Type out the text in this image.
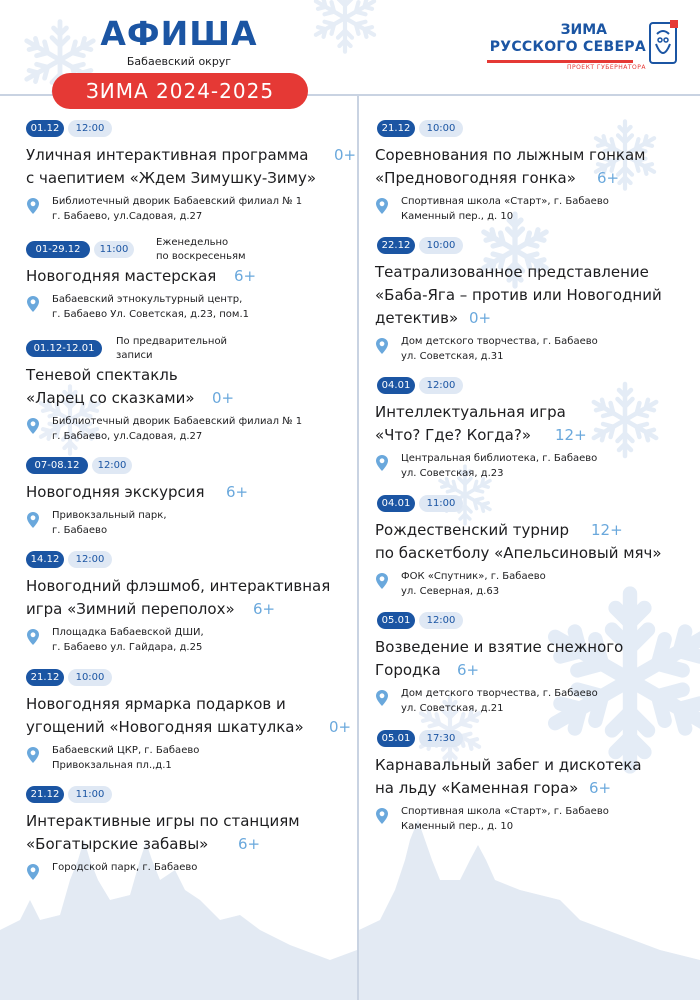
АФИША
Бабаевский округ
ЗИМА 2024-2025
ЗИМА
РУССКОГО СЕВЕРА
ПРОЕКТ ГУБЕРНАТОРА
01.12	12:00
Уличная интерактивная программа 0+
с чаепитием «Ждем Зимушку-Зиму»
Библиотечный дворик Бабаевский филиал № 1
г. Бабаево, ул.Садовая, д.27
01-29.12	11:00
Еженедельно
по воскресеньям
Новогодняя мастерская 6+
Бабаевский этнокультурный центр,
г. Бабаево Ул. Советская, д.23, пом.1
01.12-12.01
По предварительной
записи
Теневой спектакль
«Ларец со сказками» 0+
Библиотечный дворик Бабаевский филиал № 1
г. Бабаево, ул.Садовая, д.27
07-08.12	12:00
Новогодняя экскурсия 6+
Привокзальный парк,
г. Бабаево
14.12	12:00
Новогодний флэшмоб, интерактивная
игра «Зимний переполох» 6+
Площадка Бабаевской ДШИ,
г. Бабаево ул. Гайдара, д.25
21.12	10:00
Новогодняя ярмарка подарков и
угощений «Новогодняя шкатулка» 0+
Бабаевский ЦКР, г. Бабаево
Привокзальная пл.,д.1
21.12	11:00
Интерактивные игры по станциям
«Богатырские забавы» 6+
Городской парк, г. Бабаево
21.12	10:00
Соревнования по лыжным гонкам
«Предновогодняя гонка» 6+
Спортивная школа «Старт», г. Бабаево
Каменный пер., д. 10
22.12	10:00
Театрализованное представление
«Баба-Яга – против или Новогодний
детектив» 0+
Дом детского творчества, г. Бабаево
ул. Советская, д.31
04.01	12:00
Интеллектуальная игра
«Что? Где? Когда?» 12+
Центральная библиотека, г. Бабаево
ул. Советская, д.23
04.01	11:00
Рождественский турнир 12+
по баскетболу «Апельсиновый мяч»
ФОК «Спутник», г. Бабаево
ул. Северная, д.63
05.01	12:00
Возведение и взятие снежного
Городка 6+
Дом детского творчества, г. Бабаево
ул. Советская, д.21
05.01	17:30
Карнавальный забег и дискотека
на льду «Каменная гора» 6+
Спортивная школа «Старт», г. Бабаево
Каменный пер., д. 10
